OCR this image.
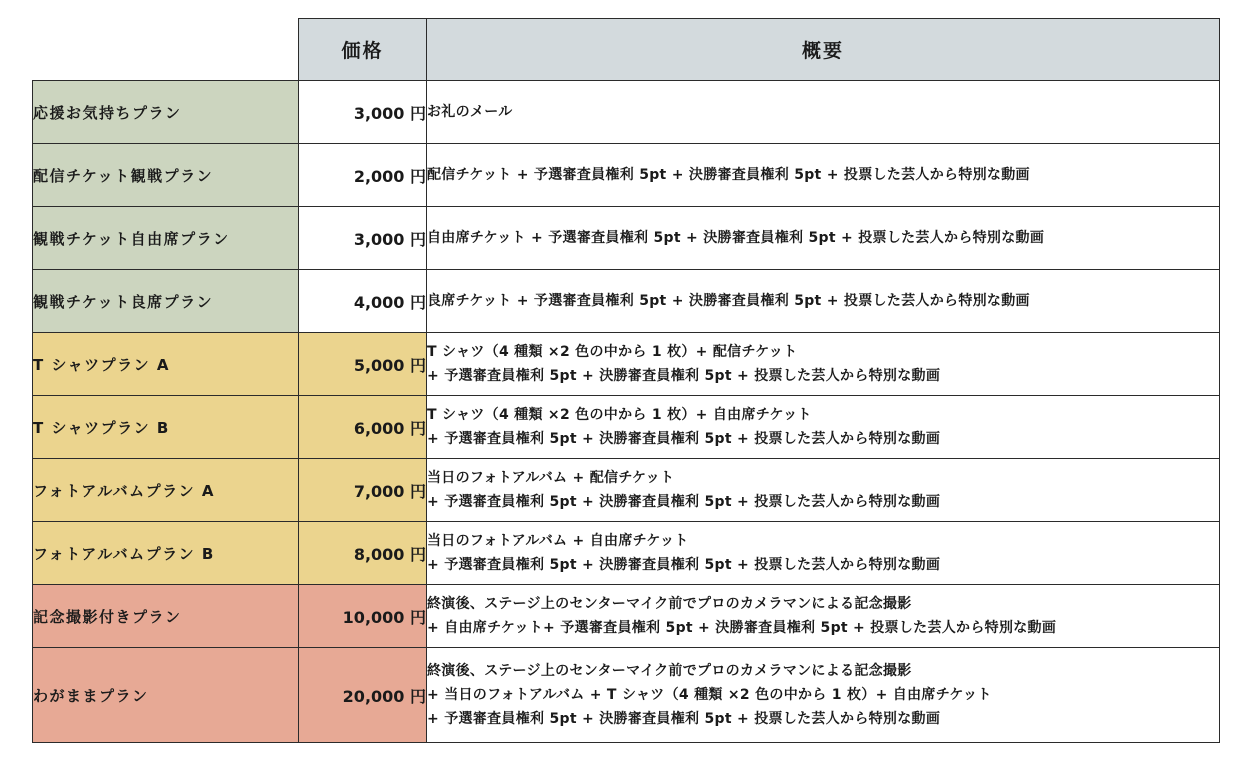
	価格	概要
応援お気持ちプラン	3,000 円	お礼のメール

配信チケット観戦プラン	2,000 円	配信チケット + 予選審査員権利 5pt + 決勝審査員権利 5pt + 投票した芸人から特別な動画

観戦チケット自由席プラン	3,000 円	自由席チケット + 予選審査員権利 5pt + 決勝審査員権利 5pt + 投票した芸人から特別な動画

観戦チケット良席プラン	4,000 円	良席チケット + 予選審査員権利 5pt + 決勝審査員権利 5pt + 投票した芸人から特別な動画

T シャツプラン A	5,000 円	T シャツ（4 種類 ×2 色の中から 1 枚）+ 配信チケット
+ 予選審査員権利 5pt + 決勝審査員権利 5pt + 投票した芸人から特別な動画

T シャツプラン B	6,000 円	T シャツ（4 種類 ×2 色の中から 1 枚）+ 自由席チケット
+ 予選審査員権利 5pt + 決勝審査員権利 5pt + 投票した芸人から特別な動画

フォトアルバムプラン A	7,000 円	当日のフォトアルバム + 配信チケット
+ 予選審査員権利 5pt + 決勝審査員権利 5pt + 投票した芸人から特別な動画

フォトアルバムプラン B	8,000 円	当日のフォトアルバム + 自由席チケット
+ 予選審査員権利 5pt + 決勝審査員権利 5pt + 投票した芸人から特別な動画

記念撮影付きプラン	10,000 円	終演後、ステージ上のセンターマイク前でプロのカメラマンによる記念撮影
+ 自由席チケット+ 予選審査員権利 5pt + 決勝審査員権利 5pt + 投票した芸人から特別な動画

わがままプラン	20,000 円	終演後、ステージ上のセンターマイク前でプロのカメラマンによる記念撮影
+ 当日のフォトアルバム + T シャツ（4 種類 ×2 色の中から 1 枚）+ 自由席チケット
+ 予選審査員権利 5pt + 決勝審査員権利 5pt + 投票した芸人から特別な動画
